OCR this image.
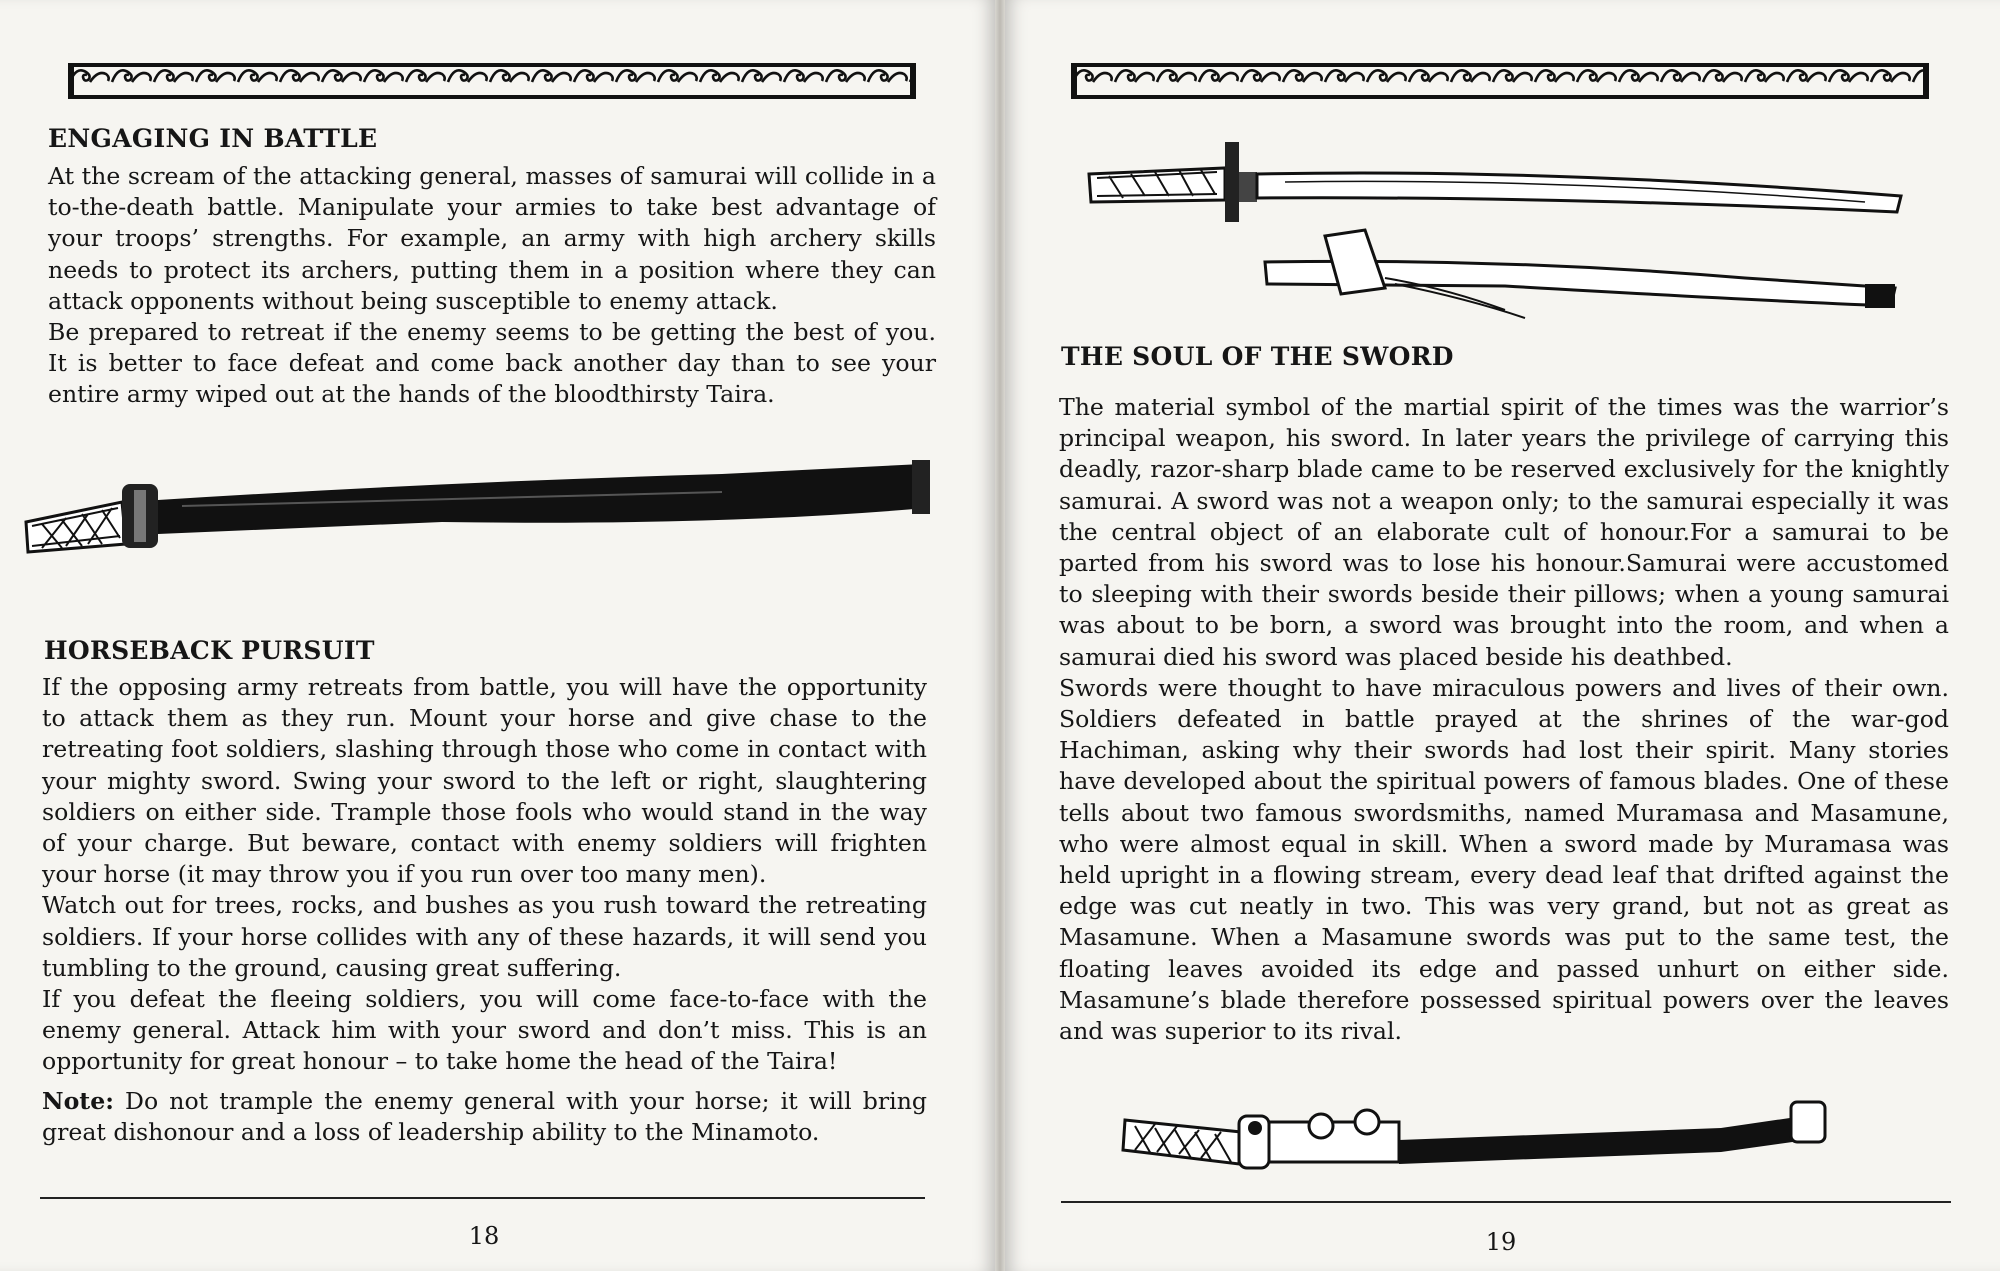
ENGAGING IN BATTLE

At the scream of the attacking general, masses of samurai will collide in a to-the-death battle. Manipulate your armies to take best advantage of your troops’ strengths. For example, an army with high archery skills needs to protect its archers, putting them in a position where they can attack opponents without being susceptible to enemy attack.

Be prepared to retreat if the enemy seems to be getting the best of you. It is better to face defeat and come back another day than to see your entire army wiped out at the hands of the bloodthirsty Taira.

HORSEBACK PURSUIT

If the opposing army retreats from battle, you will have the opportunity to attack them as they run. Mount your horse and give chase to the retreating foot soldiers, slashing through those who come in contact with your mighty sword. Swing your sword to the left or right, slaughtering soldiers on either side. Trample those fools who would stand in the way of your charge. But beware, contact with enemy soldiers will frighten your horse (it may throw you if you run over too many men).

Watch out for trees, rocks, and bushes as you rush toward the retreating soldiers. If your horse collides with any of these hazards, it will send you tumbling to the ground, causing great suffering.

If you defeat the fleeing soldiers, you will come face-to-face with the enemy general. Attack him with your sword and don’t miss. This is an opportunity for great honour – to take home the head of the Taira!

Note: Do not trample the enemy general with your horse; it will bring great dishonour and a loss of leadership ability to the Minamoto.

18
THE SOUL OF THE SWORD

The material symbol of the martial spirit of the times was the warrior’s principal weapon, his sword. In later years the privilege of carrying this deadly, razor-sharp blade came to be reserved exclusively for the knightly samurai. A sword was not a weapon only; to the samurai especially it was the central object of an elaborate cult of honour.For a samurai to be parted from his sword was to lose his honour.Samurai were accustomed to sleeping with their swords beside their pillows; when a young samurai was about to be born, a sword was brought into the room, and when a samurai died his sword was placed beside his deathbed.

Swords were thought to have miraculous powers and lives of their own. Soldiers defeated in battle prayed at the shrines of the war-god Hachiman, asking why their swords had lost their spirit. Many stories have developed about the spiritual powers of famous blades. One of these tells about two famous swordsmiths, named Muramasa and Masamune, who were almost equal in skill. When a sword made by Muramasa was held upright in a flowing stream, every dead leaf that drifted against the edge was cut neatly in two. This was very grand, but not as great as Masamune. When a Masamune swords was put to the same test, the floating leaves avoided its edge and passed unhurt on either side. Masamune’s blade therefore possessed spiritual powers over the leaves and was superior to its rival.

19
